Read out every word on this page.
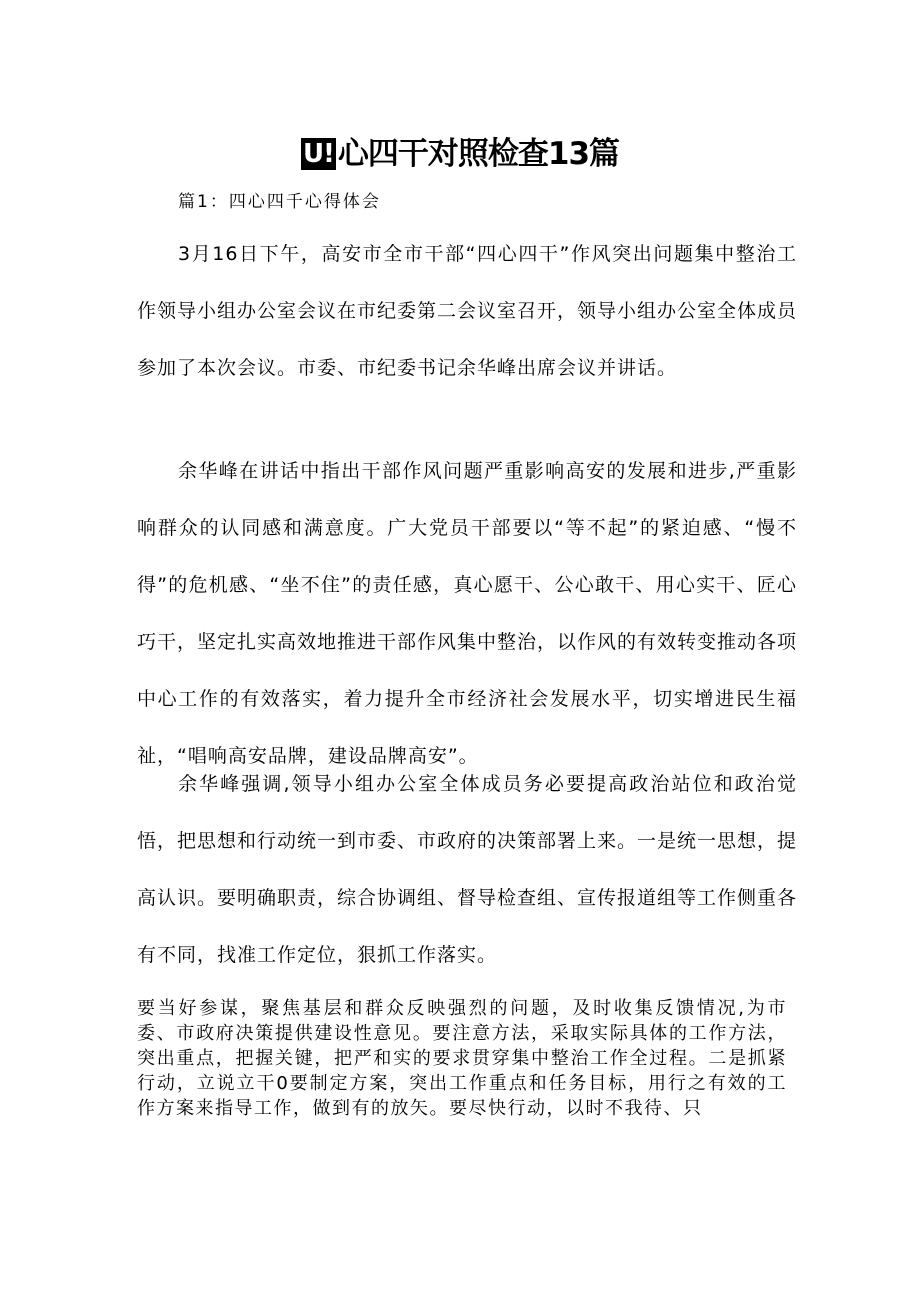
U! 心四干对照检查13篇
篇1：四心四千心得体会

3月16日下午，高安市全市干部“四心四干”作风突出问题集中整治工作领导小组办公室会议在市纪委第二会议室召开，领导小组办公室全体成员参加了本次会议。市委、市纪委书记余华峰出席会议并讲话。

余华峰在讲话中指出干部作风问题严重影响高安的发展和进步,严重影响群众的认同感和满意度。广大党员干部要以“等不起”的紧迫感、“慢不得”的危机感、“坐不住”的责任感，真心愿干、公心敢干、用心实干、匠心巧干，坚定扎实高效地推进干部作风集中整治，以作风的有效转变推动各项中心工作的有效落实，着力提升全市经济社会发展水平，切实增进民生福祉，“唱响高安品牌，建设品牌高安”。

余华峰强调,领导小组办公室全体成员务必要提高政治站位和政治觉悟，把思想和行动统一到市委、市政府的决策部署上来。一是统一思想，提高认识。要明确职责，综合协调组、督导检查组、宣传报道组等工作侧重各有不同，找准工作定位，狠抓工作落实。

要当好参谋，聚焦基层和群众反映强烈的问题，及时收集反馈情况,为市委、市政府决策提供建设性意见。要注意方法，采取实际具体的工作方法，突出重点，把握关键，把严和实的要求贯穿集中整治工作全过程。二是抓紧行动，立说立干0要制定方案，突出工作重点和任务目标，用行之有效的工作方案来指导工作，做到有的放矢。要尽快行动，以时不我待、只
